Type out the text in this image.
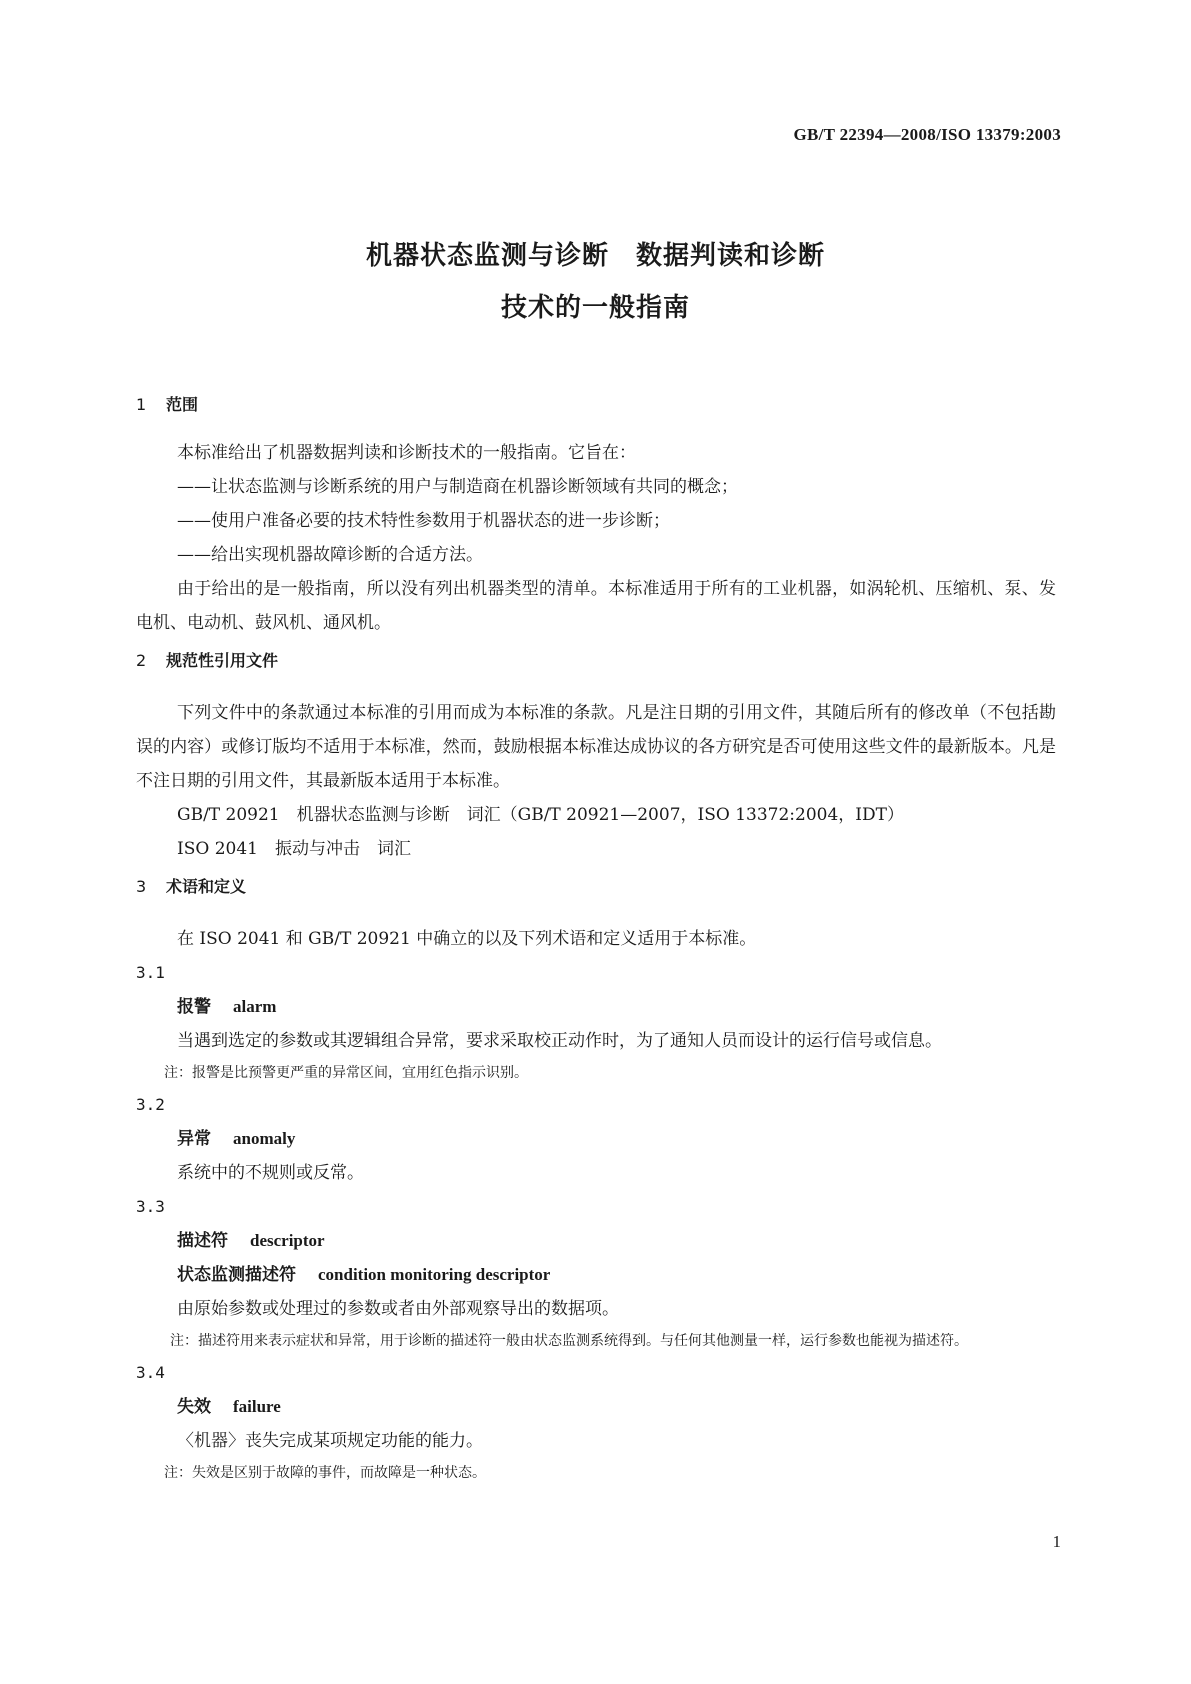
GB/T 22394—2008/ISO 13379:2003
机器状态监测与诊断　数据判读和诊断
技术的一般指南
1 范围

本标准给出了机器数据判读和诊断技术的一般指南。它旨在：

——让状态监测与诊断系统的用户与制造商在机器诊断领域有共同的概念；

——使用户准备必要的技术特性参数用于机器状态的进一步诊断；

——给出实现机器故障诊断的合适方法。

由于给出的是一般指南，所以没有列出机器类型的清单。本标准适用于所有的工业机器，如涡轮机、压缩机、泵、发电机、电动机、鼓风机、通风机。

2 规范性引用文件

下列文件中的条款通过本标准的引用而成为本标准的条款。凡是注日期的引用文件，其随后所有的修改单（不包括勘误的内容）或修订版均不适用于本标准，然而，鼓励根据本标准达成协议的各方研究是否可使用这些文件的最新版本。凡是不注日期的引用文件，其最新版本适用于本标准。

GB/T 20921　机器状态监测与诊断　词汇（GB/T 20921—2007，ISO 13372:2004，IDT）
ISO 2041　振动与冲击　词汇
3 术语和定义

在 ISO 2041 和 GB/T 20921 中确立的以及下列术语和定义适用于本标准。

3.1
报警 alarm

当遇到选定的参数或其逻辑组合异常，要求采取校正动作时，为了通知人员而设计的运行信号或信息。

注：报警是比预警更严重的异常区间，宜用红色指示识别。
3.2
异常 anomaly

系统中的不规则或反常。

3.3
描述符 descriptor
状态监测描述符 condition monitoring descriptor

由原始参数或处理过的参数或者由外部观察导出的数据项。

注：描述符用来表示症状和异常，用于诊断的描述符一般由状态监测系统得到。与任何其他测量一样，运行参数也能视为描述符。
3.4
失效 failure

〈机器〉丧失完成某项规定功能的能力。

注：失效是区别于故障的事件，而故障是一种状态。
1
